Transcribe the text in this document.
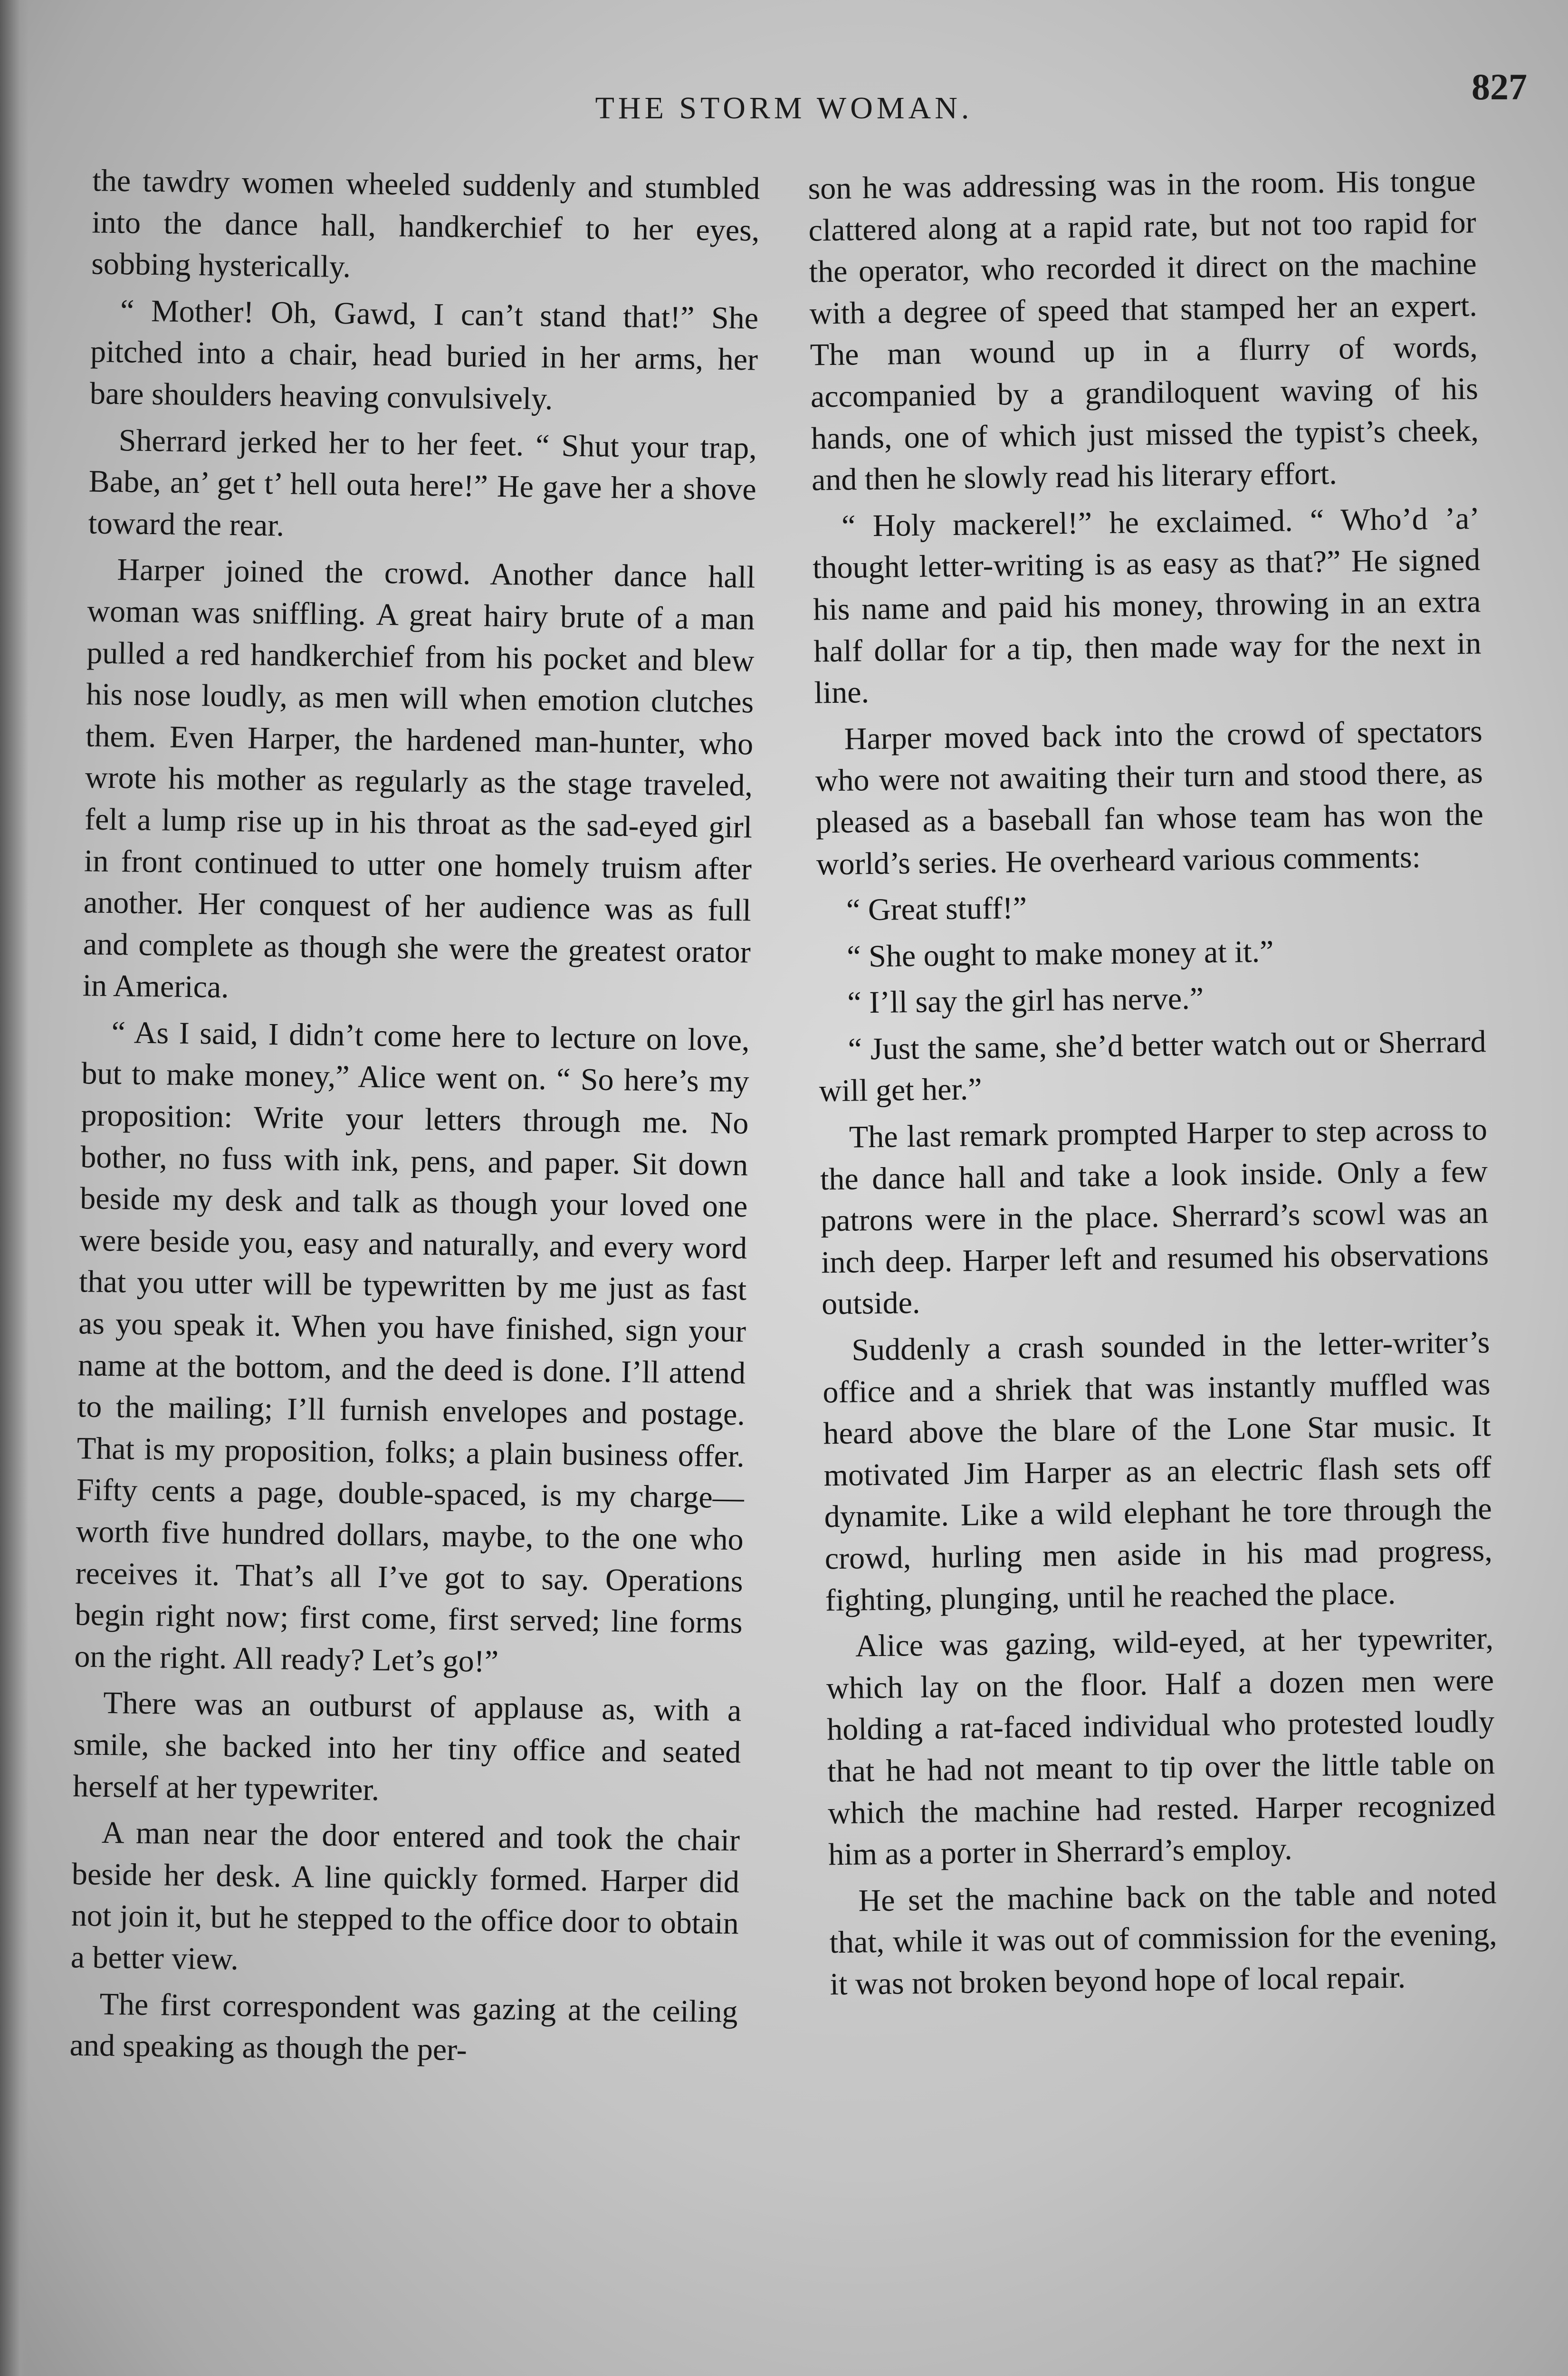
THE STORM WOMAN.
827

the tawdry women wheeled suddenly and stumbled into the dance hall, handkerchief to her eyes, sobbing hysterically.

“ Mother! Oh, Gawd, I can’t stand that!” She pitched into a chair, head buried in her arms, her bare shoulders heaving convulsively.

Sherrard jerked her to her feet. “ Shut your trap, Babe, an’ get t’ hell outa here!” He gave her a shove toward the rear.

Harper joined the crowd. Another dance hall woman was sniffling. A great hairy brute of a man pulled a red handkerchief from his pocket and blew his nose loudly, as men will when emotion clutches them. Even Harper, the hardened man-hunter, who wrote his mother as regularly as the stage traveled, felt a lump rise up in his throat as the sad-eyed girl in front continued to utter one homely truism after another. Her conquest of her audience was as full and complete as though she were the greatest orator in America.

“ As I said, I didn’t come here to lecture on love, but to make money,” Alice went on. “ So here’s my proposition: Write your letters through me. No bother, no fuss with ink, pens, and paper. Sit down beside my desk and talk as though your loved one were beside you, easy and naturally, and every word that you utter will be typewritten by me just as fast as you speak it. When you have finished, sign your name at the bottom, and the deed is done. I’ll attend to the mailing; I’ll furnish envelopes and postage. That is my proposition, folks; a plain business offer. Fifty cents a page, double-spaced, is my charge—worth five hundred dollars, maybe, to the one who receives it. That’s all I’ve got to say. Operations begin right now; first come, first served; line forms on the right. All ready? Let’s go!”

There was an outburst of applause as, with a smile, she backed into her tiny office and seated herself at her typewriter.

A man near the door entered and took the chair beside her desk. A line quickly formed. Harper did not join it, but he stepped to the office door to obtain a better view.

The first correspondent was gazing at the ceiling and speaking as though the per-

son he was addressing was in the room. His tongue clattered along at a rapid rate, but not too rapid for the operator, who recorded it direct on the machine with a degree of speed that stamped her an expert. The man wound up in a flurry of words, accompanied by a grandiloquent waving of his hands, one of which just missed the typist’s cheek, and then he slowly read his literary effort.

“ Holy mackerel!” he exclaimed. “ Who’d ’a’ thought letter-writing is as easy as that?” He signed his name and paid his money, throwing in an extra half dollar for a tip, then made way for the next in line.

Harper moved back into the crowd of spectators who were not awaiting their turn and stood there, as pleased as a baseball fan whose team has won the world’s series. He overheard various comments:

“ Great stuff!”

“ She ought to make money at it.”

“ I’ll say the girl has nerve.”

“ Just the same, she’d better watch out or Sherrard will get her.”

The last remark prompted Harper to step across to the dance hall and take a look inside. Only a few patrons were in the place. Sherrard’s scowl was an inch deep. Harper left and resumed his observations outside.

Suddenly a crash sounded in the letter-writer’s office and a shriek that was instantly muffled was heard above the blare of the Lone Star music. It motivated Jim Harper as an electric flash sets off dynamite. Like a wild elephant he tore through the crowd, hurling men aside in his mad progress, fighting, plunging, until he reached the place.

Alice was gazing, wild-eyed, at her typewriter, which lay on the floor. Half a dozen men were holding a rat-faced individual who protested loudly that he had not meant to tip over the little table on which the machine had rested. Harper recognized him as a porter in Sherrard’s employ.

He set the machine back on the table and noted that, while it was out of commission for the evening, it was not broken beyond hope of local repair.
